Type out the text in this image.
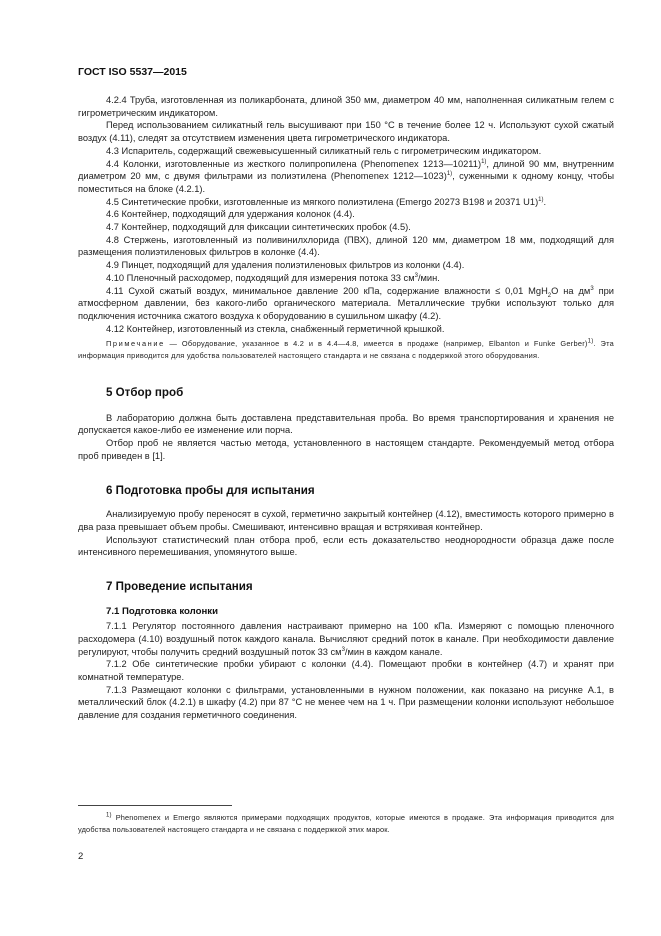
ГОСТ ISO 5537—2015

4.2.4 Труба, изготовленная из поликарбоната, длиной 350 мм, диаметром 40 мм, наполненная силикатным гелем с гигрометрическим индикатором.

Перед использованием силикатный гель высушивают при 150 °С в течение более 12 ч. Используют сухой сжатый воздух (4.11), следят за отсутствием изменения цвета гигрометрического индикатора.

4.3 Испаритель, содержащий свежевысушенный силикатный гель с гигрометрическим индикатором.

4.4 Колонки, изготовленные из жесткого полипропилена (Phenomenex 1213—10211)$^{1)}$, длиной 90 мм, внутренним диаметром 20 мм, с двумя фильтрами из полиэтилена (Phenomenex 1212—1023)$^{1)}$, суженными к одному концу, чтобы поместиться на блоке (4.2.1).

4.5 Синтетические пробки, изготовленные из мягкого полиэтилена (Emergo 20273 B198 и 20371 U1)$^{1)}$.

4.6 Контейнер, подходящий для удержания колонок (4.4).

4.7 Контейнер, подходящий для фиксации синтетических пробок (4.5).

4.8 Стержень, изготовленный из поливинилхлорида (ПВХ), длиной 120 мм, диаметром 18 мм, подходящий для размещения полиэтиленовых фильтров в колонке (4.4).

4.9 Пинцет, подходящий для удаления полиэтиленовых фильтров из колонки (4.4).

4.10 Пленочный расходомер, подходящий для измерения потока 33 $см^3$/мин.

4.11 Сухой сжатый воздух, минимальное давление 200 кПа, содержание влажности ≤ 0,01 MgH$_2$O на $дм^3$ при атмосферном давлении, без какого-либо органического материала. Металлические трубки используют только для подключения источника сжатого воздуха к оборудованию в сушильном шкафу (4.2).

4.12 Контейнер, изготовленный из стекла, снабженный герметичной крышкой.

Примечание — Оборудование, указанное в 4.2 и в 4.4—4.8, имеется в продаже (например, Elbanton и Funke Gerber)$^{1)}$. Эта информация приводится для удобства пользователей настоящего стандарта и не связана с поддержкой этого оборудования.

5 Отбор проб

В лабораторию должна быть доставлена представительная проба. Во время транспортирования и хранения не допускается какое-либо ее изменение или порча.

Отбор проб не является частью метода, установленного в настоящем стандарте. Рекомендуемый метод отбора проб приведен в [1].

6 Подготовка пробы для испытания

Анализируемую пробу переносят в сухой, герметично закрытый контейнер (4.12), вместимость которого примерно в два раза превышает объем пробы. Смешивают, интенсивно вращая и встряхивая контейнер.

Используют статистический план отбора проб, если есть доказательство неоднородности образца даже после интенсивного перемешивания, упомянутого выше.

7 Проведение испытания
7.1 Подготовка колонки

7.1.1 Регулятор постоянного давления настраивают примерно на 100 кПа. Измеряют с помощью пленочного расходомера (4.10) воздушный поток каждого канала. Вычисляют средний поток в канале. При необходимости давление регулируют, чтобы получить средний воздушный поток 33 $см^3$/мин в каждом канале.

7.1.2 Обе синтетические пробки убирают с колонки (4.4). Помещают пробки в контейнер (4.7) и хранят при комнатной температуре.

7.1.3 Размещают колонки с фильтрами, установленными в нужном положении, как показано на рисунке А.1, в металлический блок (4.2.1) в шкафу (4.2) при 87 °С не менее чем на 1 ч. При размещении колонки используют небольшое давление для создания герметичного соединения.

$^{1)}$ Phenomenex и Emergo являются примерами подходящих продуктов, которые имеются в продаже. Эта информация приводится для удобства пользователей настоящего стандарта и не связана с поддержкой этих марок.

2
